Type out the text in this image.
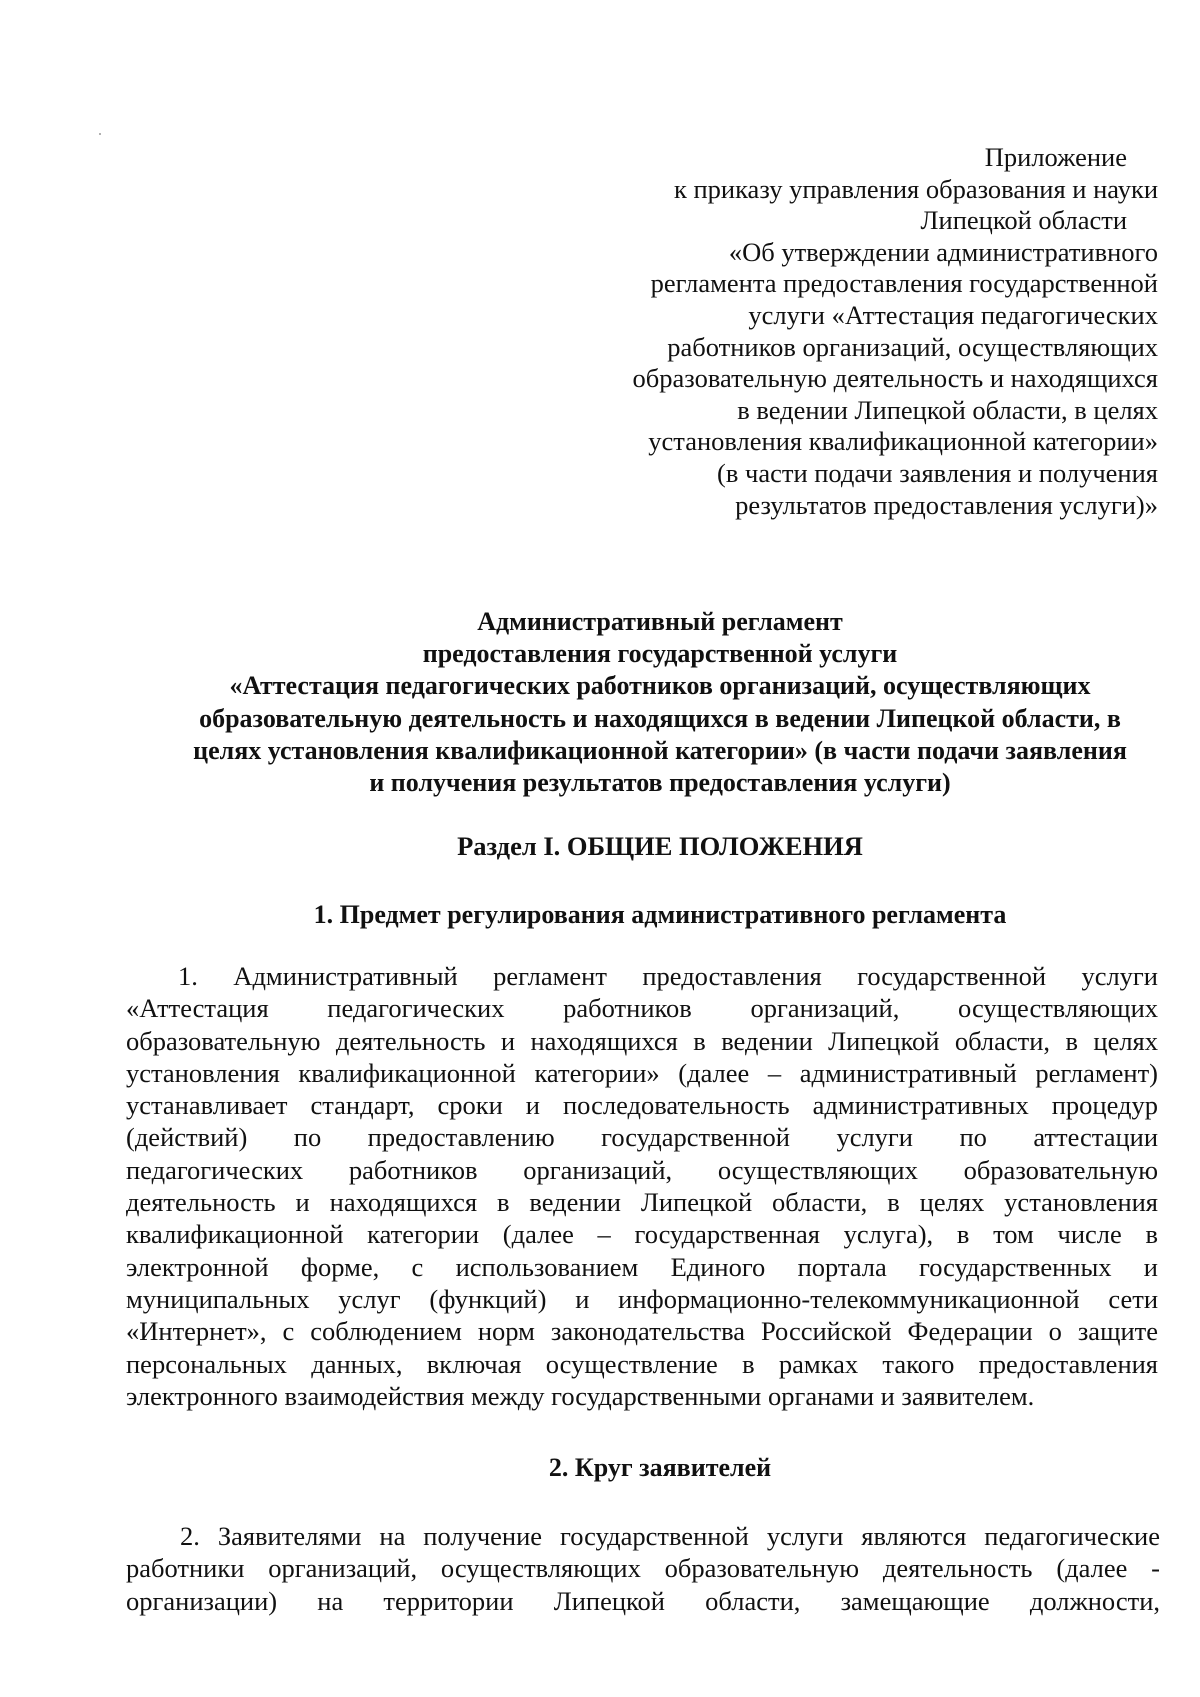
Приложение
к приказу управления образования и науки
Липецкой области
«Об утверждении административного
регламента предоставления государственной
услуги «Аттестация педагогических
работников организаций, осуществляющих
образовательную деятельность и находящихся
в ведении Липецкой области, в целях
установления квалификационной категории»
(в части подачи заявления и получения
результатов предоставления услуги)»
Административный регламент
предоставления государственной услуги
«Аттестация педагогических работников организаций, осуществляющих
образовательную деятельность и находящихся в ведении Липецкой области, в
целях установления квалификационной категории» (в части подачи заявления
и получения результатов предоставления услуги)
Раздел I. ОБЩИЕ ПОЛОЖЕНИЯ
1. Предмет регулирования административного регламента
1. Административный регламент предоставления государственной услуги
«Аттестация педагогических работников организаций, осуществляющих
образовательную деятельность и находящихся в ведении Липецкой области, в целях
установления квалификационной категории» (далее – административный регламент)
устанавливает стандарт, сроки и последовательность административных процедур
(действий) по предоставлению государственной услуги по аттестации
педагогических работников организаций, осуществляющих образовательную
деятельность и находящихся в ведении Липецкой области, в целях установления
квалификационной категории (далее – государственная услуга), в том числе в
электронной форме, с использованием Единого портала государственных и
муниципальных услуг (функций) и информационно-телекоммуникационной сети
«Интернет», с соблюдением норм законодательства Российской Федерации о защите
персональных данных, включая осуществление в рамках такого предоставления
электронного взаимодействия между государственными органами и заявителем.
2. Круг заявителей
2. Заявителями на получение государственной услуги являются педагогические
работники организаций, осуществляющих образовательную деятельность (далее -
организации) на территории Липецкой области, замещающие должности,
